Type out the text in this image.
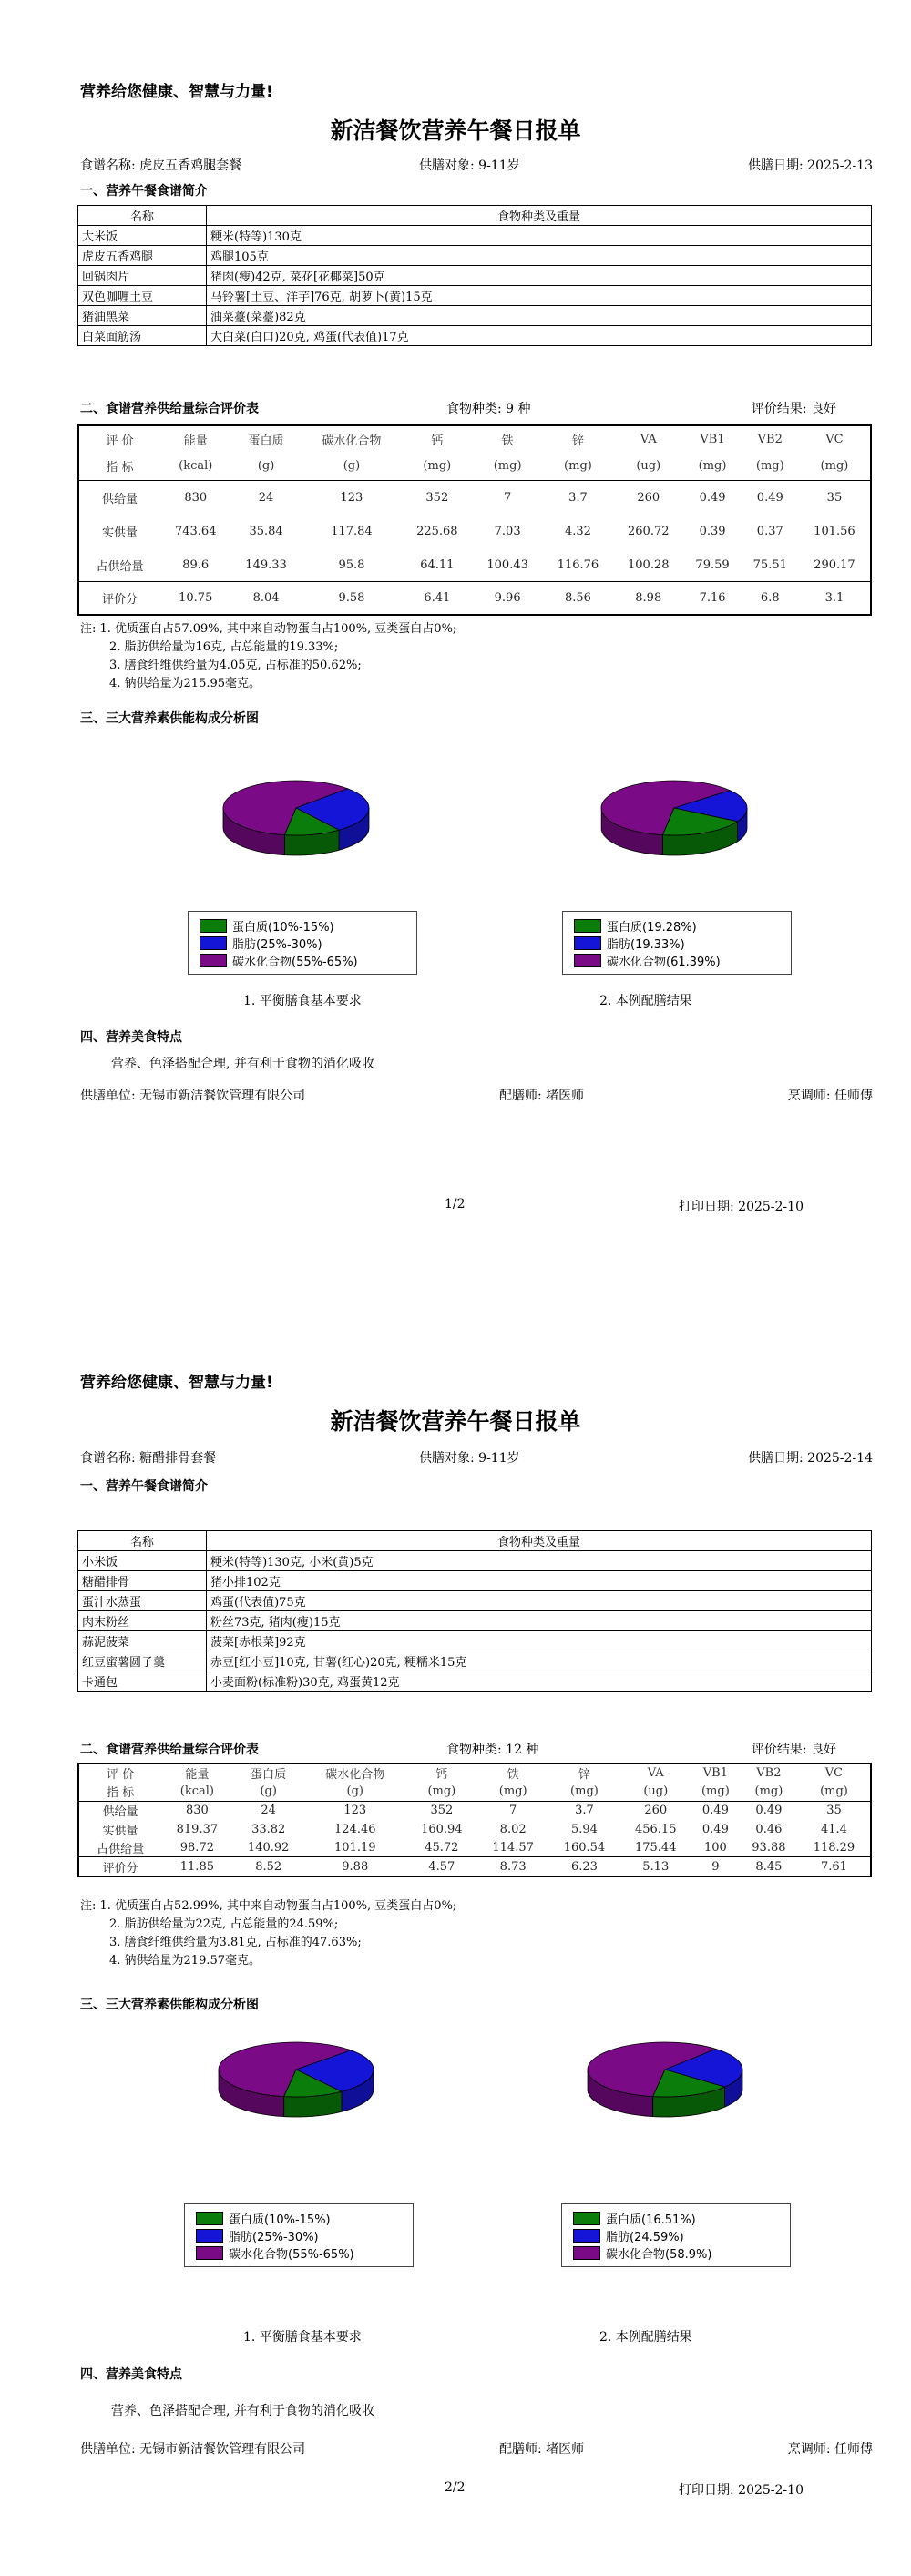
营养给您健康、智慧与力量!
新洁餐饮营养午餐日报单
食谱名称: 虎皮五香鸡腿套餐	供膳对象: 9-11岁	供膳日期: 2025-2-13
一、营养午餐食谱简介
名称	食物种类及重量
大米饭	粳米(特等)130克
虎皮五香鸡腿	鸡腿105克
回锅肉片	猪肉(瘦)42克, 菜花[花椰菜]50克
双色咖喱土豆	马铃薯[土豆、洋芋]76克, 胡萝卜(黄)15克
猪油黑菜	油菜薹(菜薹)82克
白菜面筋汤	大白菜(白口)20克, 鸡蛋(代表值)17克
二、食谱营养供给量综合评价表	食物种类: 9 种	评价结果: 良好
评 价	能量	蛋白质	碳水化合物	钙	铁	锌	VA	VB1	VB2	VC
指 标	(kcal)	(g)	(g)	(mg)	(mg)	(mg)	(ug)	(mg)	(mg)	(mg)
供给量	830	24	123	352	7	3.7	260	0.49	0.49	35
实供量	743.64	35.84	117.84	225.68	7.03	4.32	260.72	0.39	0.37	101.56
占供给量	89.6	149.33	95.8	64.11	100.43	116.76	100.28	79.59	75.51	290.17
评价分	10.75	8.04	9.58	6.41	9.96	8.56	8.98	7.16	6.8	3.1
注: 1. 优质蛋白占57.09%, 其中来自动物蛋白占100%, 豆类蛋白占0%;
2. 脂肪供给量为16克, 占总能量的19.33%;
3. 膳食纤维供给量为4.05克, 占标准的50.62%;
4. 钠供给量为215.95毫克。
三、三大营养素供能构成分析图
蛋白质(10%-15%)
脂肪(25%-30%)
碳水化合物(55%-65%)
蛋白质(19.28%)
脂肪(19.33%)
碳水化合物(61.39%)
1. 平衡膳食基本要求	2. 本例配膳结果
四、营养美食特点
营养、色泽搭配合理, 并有利于食物的消化吸收
供膳单位: 无锡市新洁餐饮管理有限公司	配膳师: 堵医师	烹调师: 任师傅
1/2	打印日期: 2025-2-10
营养给您健康、智慧与力量!
新洁餐饮营养午餐日报单
食谱名称: 糖醋排骨套餐	供膳对象: 9-11岁	供膳日期: 2025-2-14
一、营养午餐食谱简介
名称	食物种类及重量
小米饭	粳米(特等)130克, 小米(黄)5克
糖醋排骨	猪小排102克
蛋汁水蒸蛋	鸡蛋(代表值)75克
肉末粉丝	粉丝73克, 猪肉(瘦)15克
蒜泥菠菜	菠菜[赤根菜]92克
红豆蜜薯圆子羹	赤豆[红小豆]10克, 甘薯(红心)20克, 粳糯米15克
卡通包	小麦面粉(标准粉)30克, 鸡蛋黄12克
二、食谱营养供给量综合评价表	食物种类: 12 种	评价结果: 良好
评 价	能量	蛋白质	碳水化合物	钙	铁	锌	VA	VB1	VB2	VC
指 标	(kcal)	(g)	(g)	(mg)	(mg)	(mg)	(ug)	(mg)	(mg)	(mg)
供给量	830	24	123	352	7	3.7	260	0.49	0.49	35
实供量	819.37	33.82	124.46	160.94	8.02	5.94	456.15	0.49	0.46	41.4
占供给量	98.72	140.92	101.19	45.72	114.57	160.54	175.44	100	93.88	118.29
评价分	11.85	8.52	9.88	4.57	8.73	6.23	5.13	9	8.45	7.61
注: 1. 优质蛋白占52.99%, 其中来自动物蛋白占100%, 豆类蛋白占0%;
2. 脂肪供给量为22克, 占总能量的24.59%;
3. 膳食纤维供给量为3.81克, 占标准的47.63%;
4. 钠供给量为219.57毫克。
三、三大营养素供能构成分析图
蛋白质(10%-15%)
脂肪(25%-30%)
碳水化合物(55%-65%)
蛋白质(16.51%)
脂肪(24.59%)
碳水化合物(58.9%)
1. 平衡膳食基本要求	2. 本例配膳结果
四、营养美食特点
营养、色泽搭配合理, 并有利于食物的消化吸收
供膳单位: 无锡市新洁餐饮管理有限公司	配膳师: 堵医师	烹调师: 任师傅
2/2	打印日期: 2025-2-10
